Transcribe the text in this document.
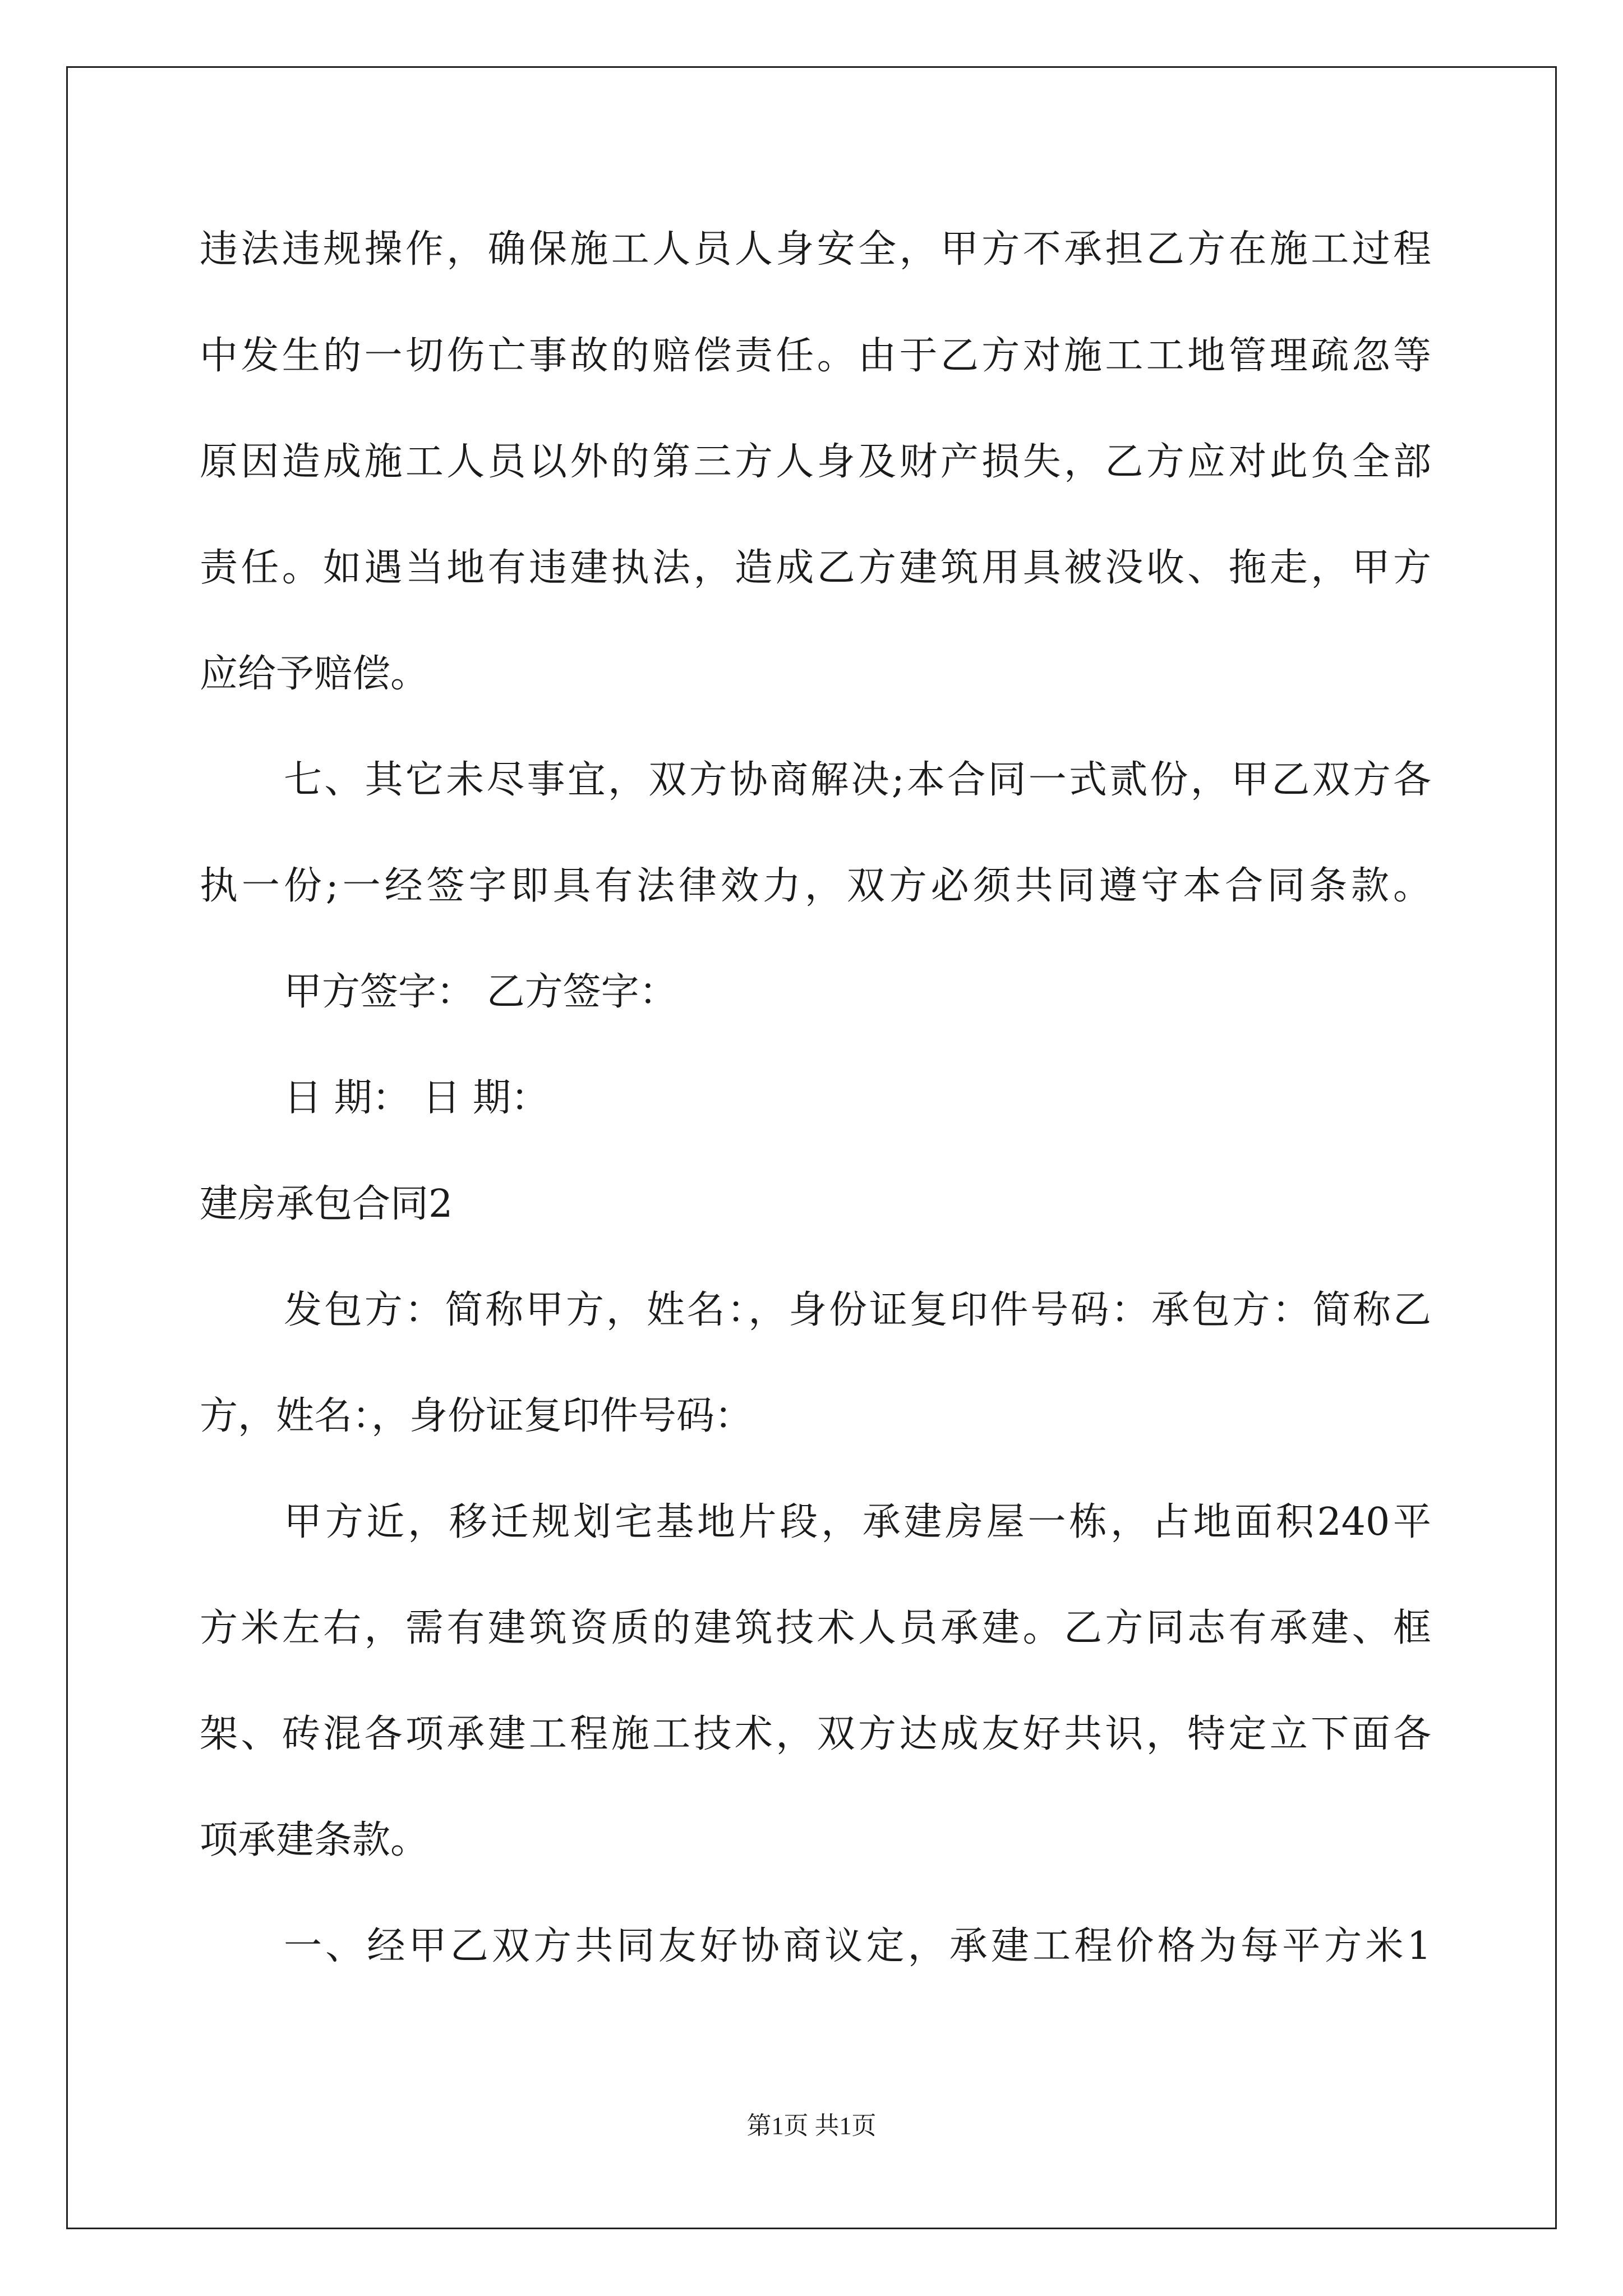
违法违规操作，确保施工人员人身安全，甲方不承担乙方在施工过程
中发生的一切伤亡事故的赔偿责任。由于乙方对施工工地管理疏忽等
原因造成施工人员以外的第三方人身及财产损失，乙方应对此负全部
责任。如遇当地有违建执法，造成乙方建筑用具被没收、拖走，甲方
应给予赔偿。
七、其它未尽事宜，双方协商解决;本合同一式贰份，甲乙双方各
执一份;一经签字即具有法律效力，双方必须共同遵守本合同条款。
甲方签字： 乙方签字：
日 期： 日 期：
建房承包合同2
发包方：简称甲方，姓名：，身份证复印件号码：承包方：简称乙
方，姓名：，身份证复印件号码：
甲方近，移迁规划宅基地片段，承建房屋一栋，占地面积240平
方米左右，需有建筑资质的建筑技术人员承建。乙方同志有承建、框
架、砖混各项承建工程施工技术，双方达成友好共识，特定立下面各
项承建条款。
一、经甲乙双方共同友好协商议定，承建工程价格为每平方米1
第1页 共1页
